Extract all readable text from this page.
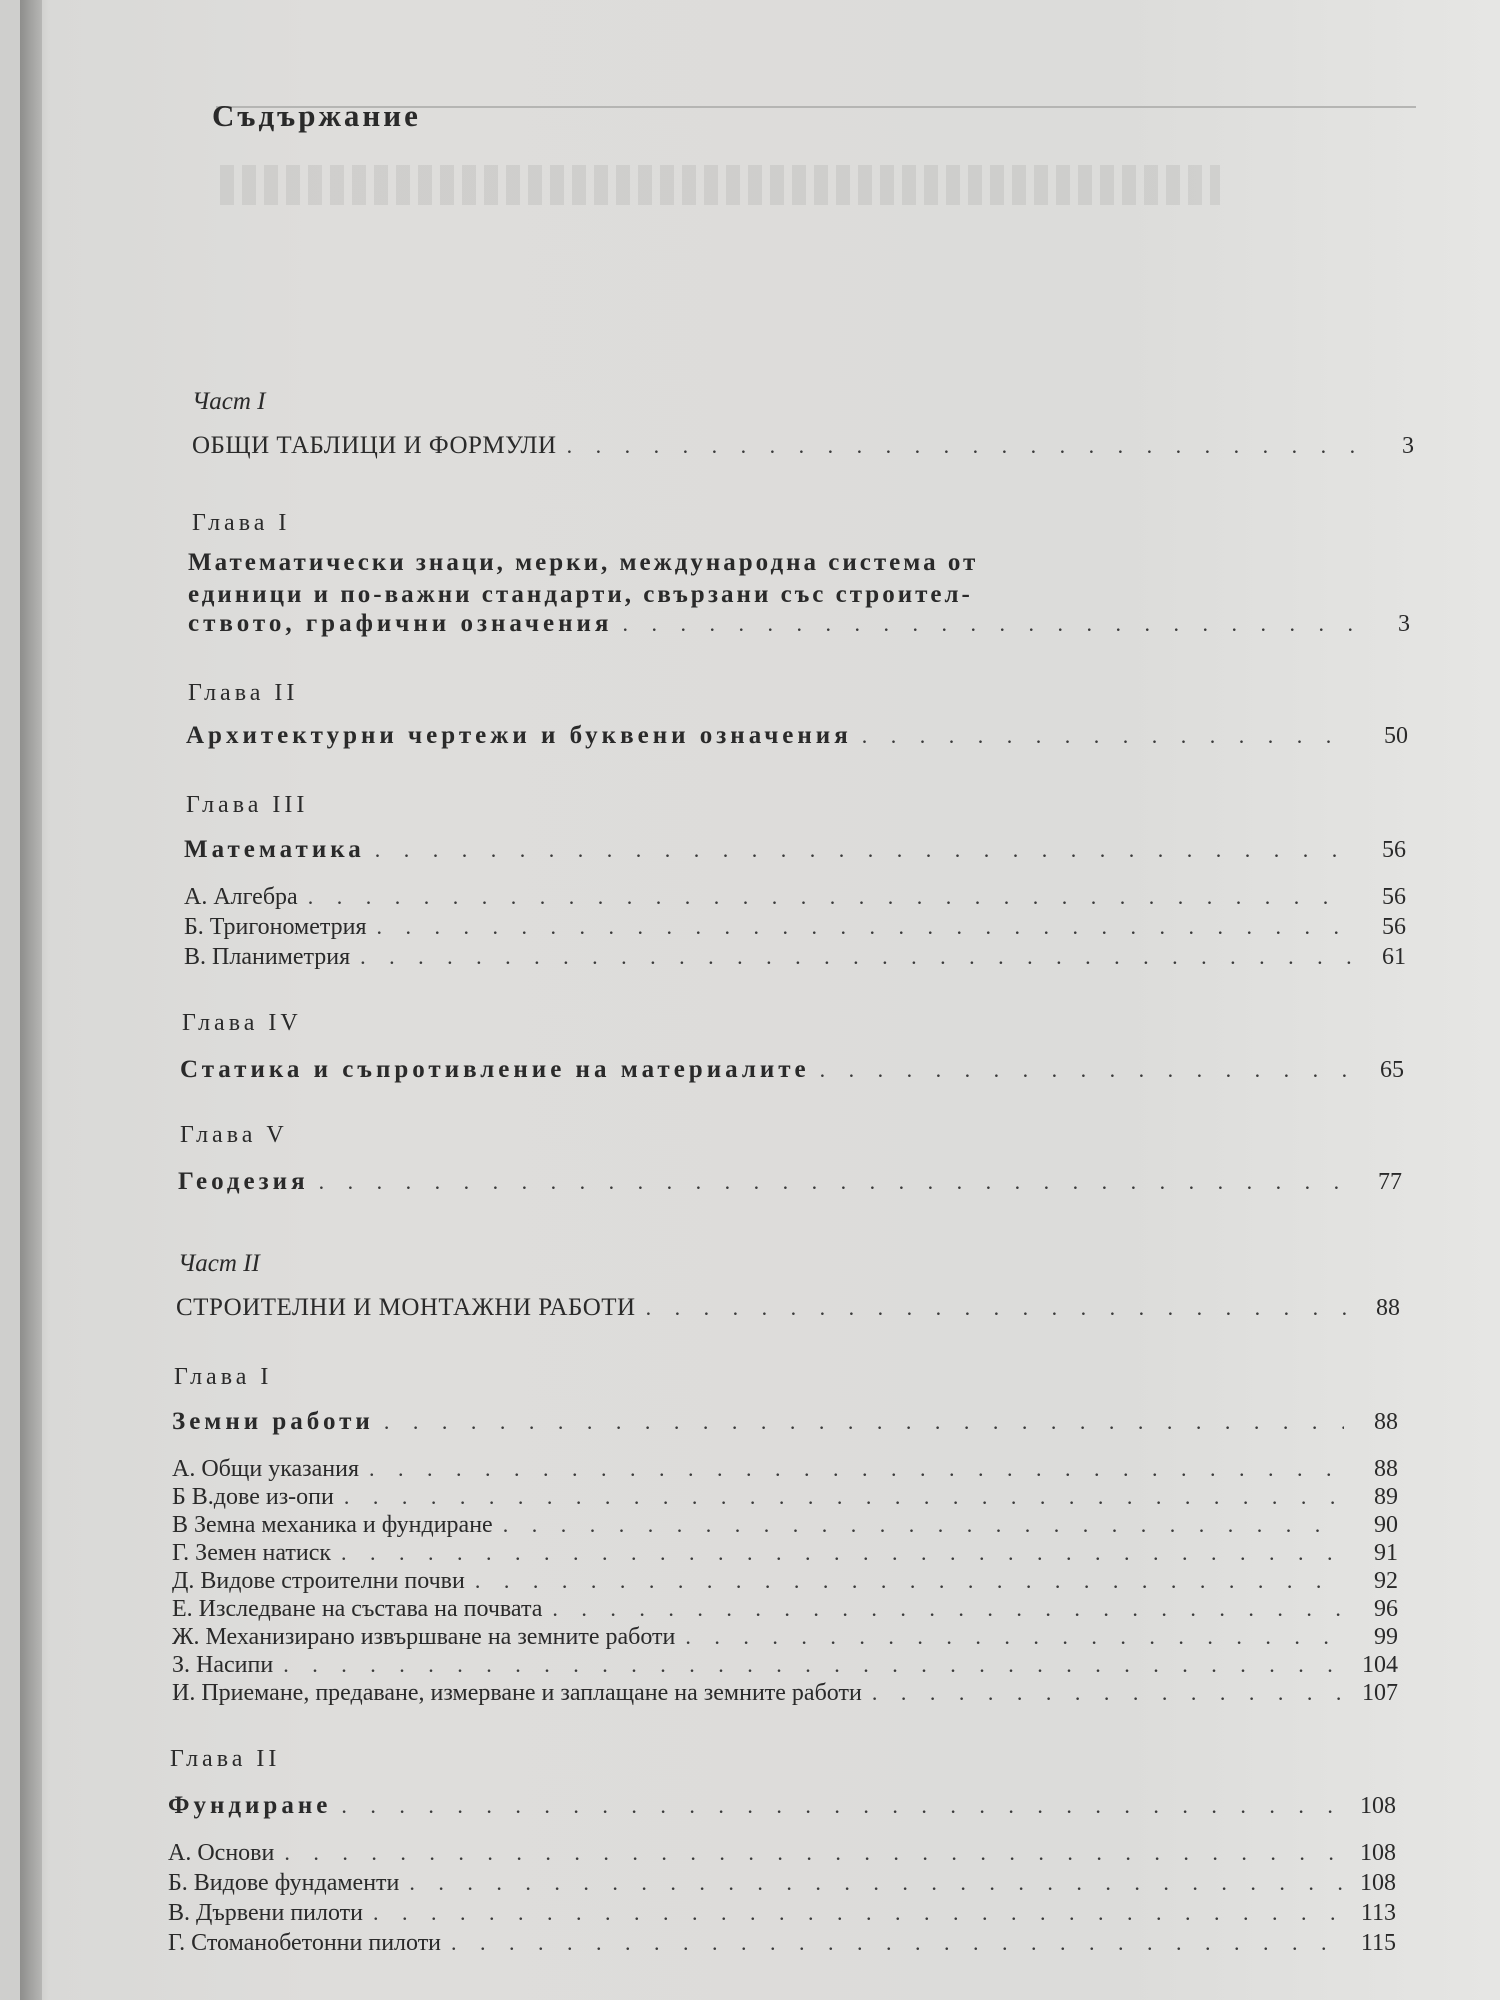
Съдържание
Част I
ОБЩИ ТАБЛИЦИ И ФОРМУЛИ . . .	3
Глава I
Математически знаци, мерки, международна система от
единици и по-важни стандарти, свързани със строител-
ството, графични означения . . .	3
Глава II
Архитектурни чертежи и буквени означения . . .	50
Глава III
Математика . . .	56
А. Алгебра . . .	56
Б. Тригонометрия . . .	56
В. Планиметрия . . .	61
Глава IV
Статика и съпротивление на материалите . . .	65
Глава V
Геодезия . . .	77
Част II
СТРОИТЕЛНИ И МОНТАЖНИ РАБОТИ . . .	88
Глава I
Земни работи . . .	88
А. Общи указания . . .	88
Б В.дове из-опи . . .	89
В Земна механика и фундиране . . .	90
Г. Земен натиск . . .	91
Д. Видове строителни почви . . .	92
Е. Изследване на състава на почвата . . .	96
Ж. Механизирано извършване на земните работи . . .	99
З. Насипи . . .	104
И. Приемане, предаване, измерване и заплащане на земните работи . . .	107
Глава II
Фундиране . . .	108
А. Основи . . .	108
Б. Видове фундаменти . . .	108
В. Дървени пилоти . . .	113
Г. Стоманобетонни пилоти . . .	115
